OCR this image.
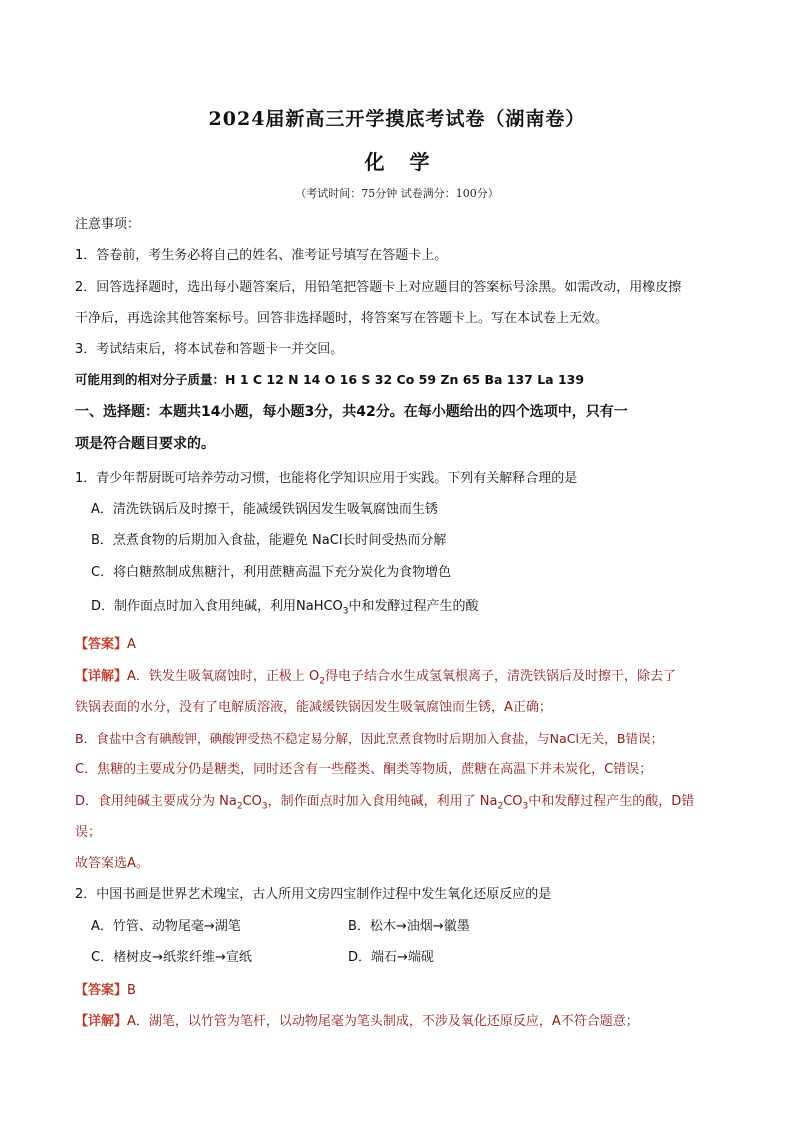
2024届新高三开学摸底考试卷（湖南卷）
化 学
（考试时间：75分钟 试卷满分：100分）
注意事项：
1．答卷前，考生务必将自己的姓名、准考证号填写在答题卡上。
2．回答选择题时，选出每小题答案后，用铅笔把答题卡上对应题目的答案标号涂黑。如需改动，用橡皮擦
干净后，再选涂其他答案标号。回答非选择题时，将答案写在答题卡上。写在本试卷上无效。
3．考试结束后，将本试卷和答题卡一并交回。
可能用到的相对分子质量：H 1 C 12 N 14 O 16 S 32 Co 59 Zn 65 Ba 137 La 139
一、选择题：本题共14小题，每小题3分，共42分。在每小题给出的四个选项中，只有一
项是符合题目要求的。
1．青少年帮厨既可培养劳动习惯，也能将化学知识应用于实践。下列有关解释合理的是
A．清洗铁锅后及时擦干，能减缓铁锅因发生吸氧腐蚀而生锈
B．烹煮食物的后期加入食盐，能避免 NaCl长时间受热而分解
C．将白糖熬制成焦糖汁，利用蔗糖高温下充分炭化为食物增色
D．制作面点时加入食用纯碱，利用NaHCO$_3$中和发酵过程产生的酸
【答案】A
【详解】A．铁发生吸氧腐蚀时，正极上 $O_2$得电子结合水生成氢氧根离子，清洗铁锅后及时擦干，除去了
铁锅表面的水分，没有了电解质溶液，能减缓铁锅因发生吸氧腐蚀而生锈，A正确；
B．食盐中含有碘酸钾，碘酸钾受热不稳定易分解，因此烹煮食物时后期加入食盐，与NaCl无关，B错误；
C．焦糖的主要成分仍是糖类，同时还含有一些醛类、酮类等物质，蔗糖在高温下并未炭化，C错误；
D．食用纯碱主要成分为 $Na_2CO_3$，制作面点时加入食用纯碱，利用了 $Na_2CO_3$中和发酵过程产生的酸，D错
误；
故答案选A。
2．中国书画是世界艺术瑰宝，古人所用文房四宝制作过程中发生氧化还原反应的是
A．竹管、动物尾毫→湖笔	B．松木→油烟→徽墨
C．楮树皮→纸浆纤维→宣纸	D．端石→端砚
【答案】B
【详解】A．湖笔，以竹管为笔杆，以动物尾毫为笔头制成，不涉及氧化还原反应，A不符合题意；
